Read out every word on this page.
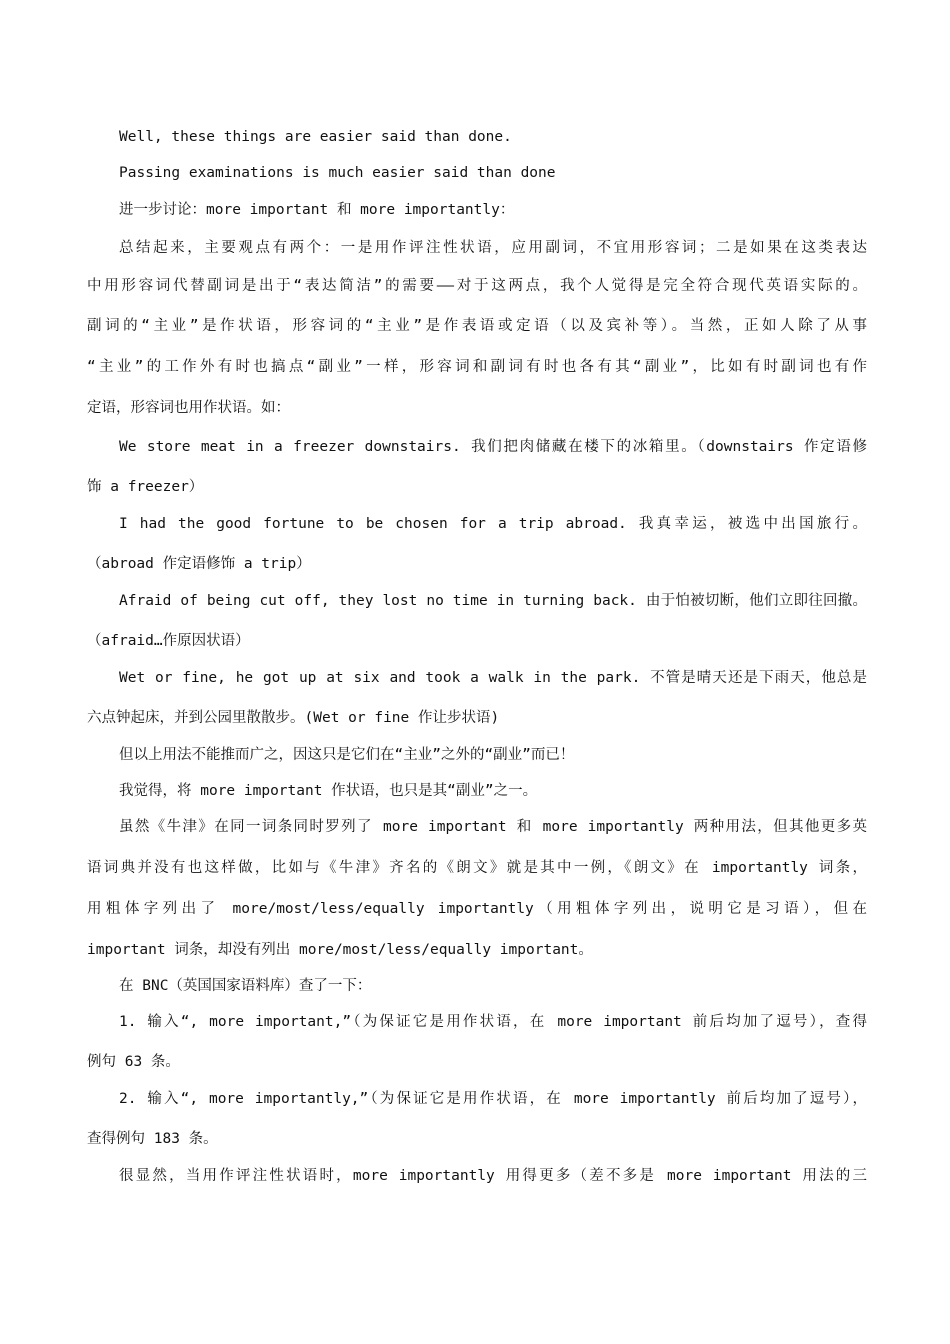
Well, these things are easier said than done.
Passing examinations is much easier said than done
进一步讨论：more important 和 more importantly：
总结起来，主要观点有两个：一是用作评注性状语，应用副词，不宜用形容词；二是如果在这类表达
中用形容词代替副词是出于“表达简洁”的需要——对于这两点，我个人觉得是完全符合现代英语实际的。
副词的“主业”是作状语，形容词的“主业”是作表语或定语（以及宾补等）。当然，正如人除了从事
“主业”的工作外有时也搞点“副业”一样，形容词和副词有时也各有其“副业”，比如有时副词也有作
定语，形容词也用作状语。如：
We store meat in a freezer downstairs. 我们把肉储藏在楼下的冰箱里。（downstairs 作定语修
饰 a freezer）
I had the good fortune to be chosen for a trip abroad. 我真幸运，被选中出国旅行。
（abroad 作定语修饰 a trip）
Afraid of being cut off, they lost no time in turning back. 由于怕被切断，他们立即往回撤。
（afraid…作原因状语）
Wet or fine, he got up at six and took a walk in the park. 不管是晴天还是下雨天，他总是
六点钟起床，并到公园里散散步。(Wet or fine 作让步状语)
但以上用法不能推而广之，因这只是它们在“主业”之外的“副业”而已！
我觉得，将 more important 作状语，也只是其“副业”之一。
虽然《牛津》在同一词条同时罗列了 more important 和 more importantly 两种用法，但其他更多英
语词典并没有也这样做，比如与《牛津》齐名的《朗文》就是其中一例，《朗文》在 importantly 词条，
用粗体字列出了 more/most/less/equally importantly（用粗体字列出，说明它是习语），但在
important 词条，却没有列出 more/most/less/equally important。
在 BNC（英国国家语料库）查了一下：
1. 输入“, more important,”（为保证它是用作状语，在 more important 前后均加了逗号），查得
例句 63 条。
2. 输入“, more importantly,”（为保证它是用作状语，在 more importantly 前后均加了逗号），
查得例句 183 条。
很显然，当用作评注性状语时，more importantly 用得更多（差不多是 more important 用法的三
